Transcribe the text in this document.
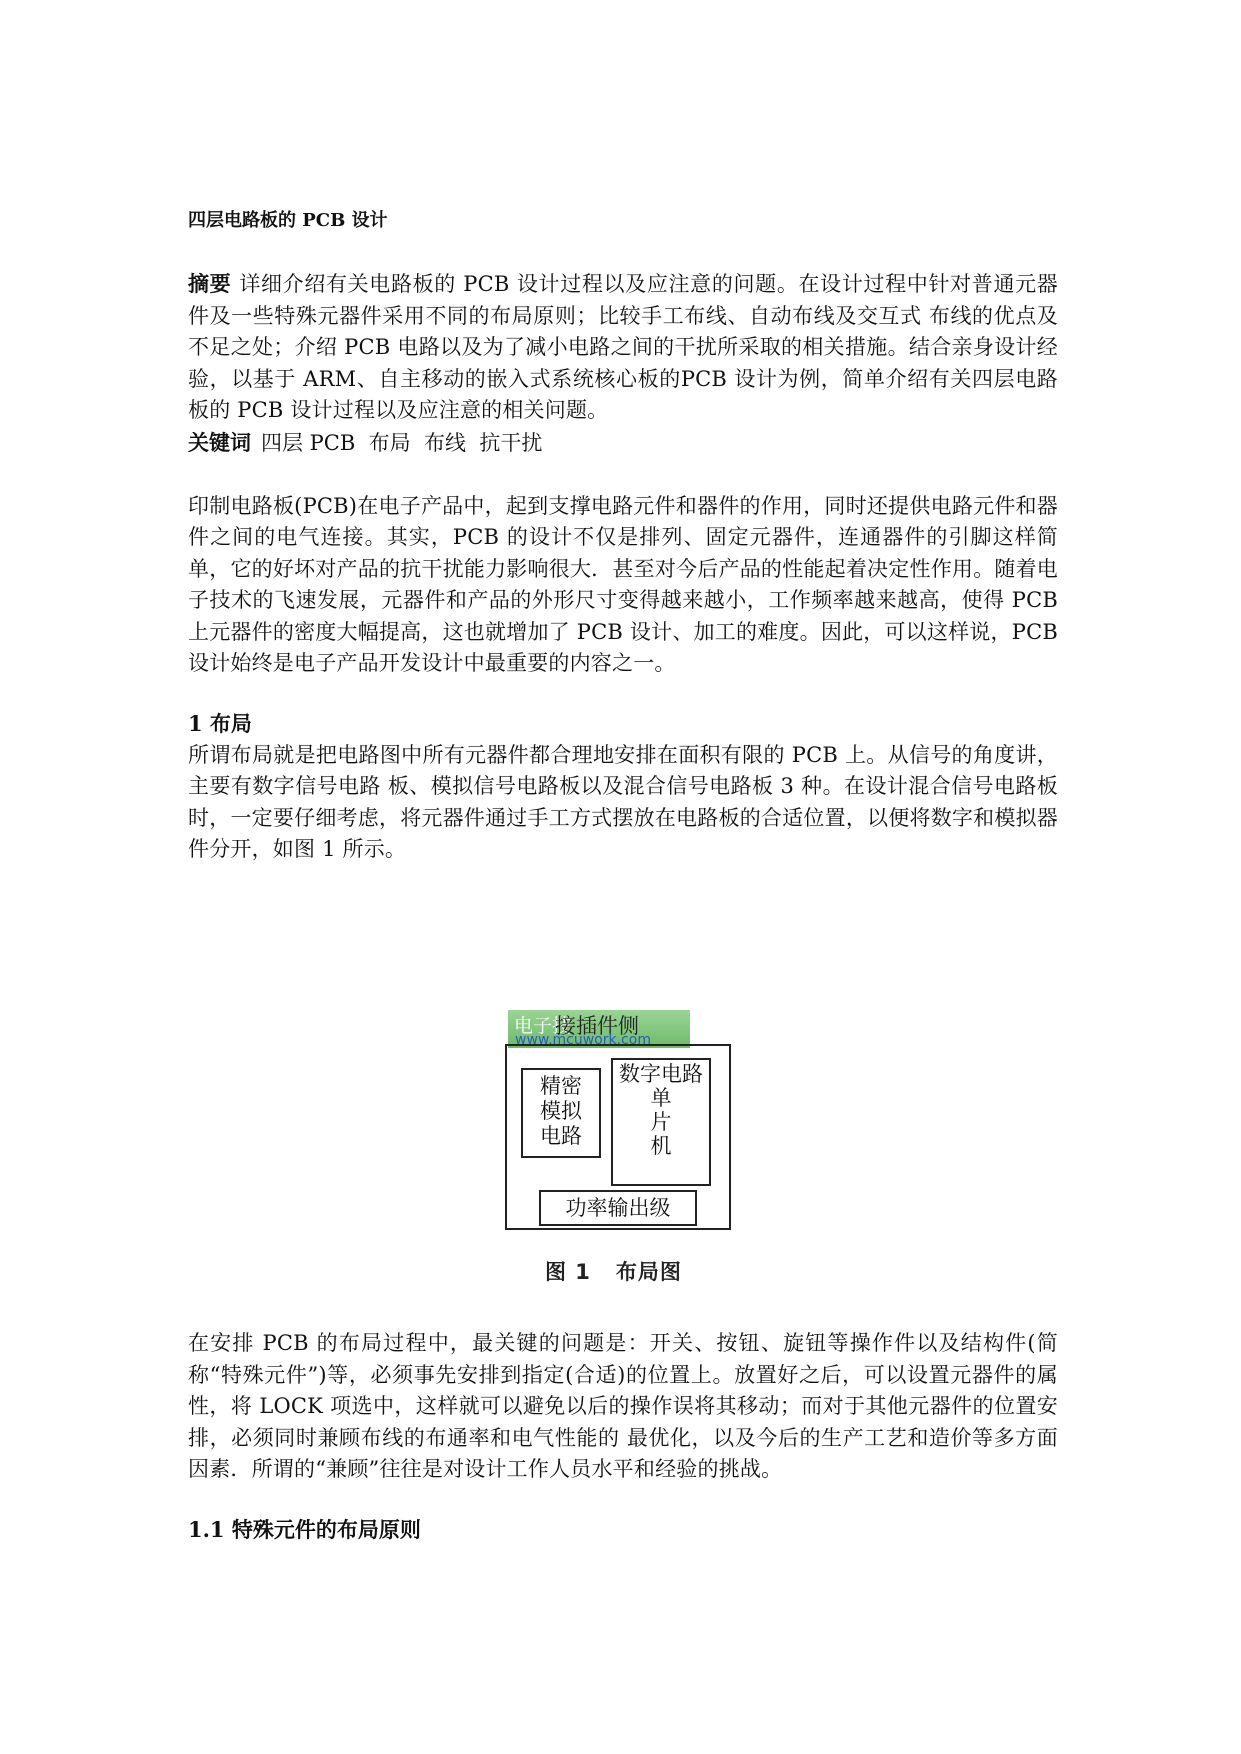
四层电路板的 PCB 设计

摘要 详细介绍有关电路板的 PCB 设计过程以及应注意的问题。在设计过程中针对普通元器件及一些特殊元器件采用不同的布局原则；比较手工布线、自动布线及交互式 布线的优点及不足之处；介绍 PCB 电路以及为了减小电路之间的干扰所采取的相关措施。结合亲身设计经验，以基于 ARM、自主移动的嵌入式系统核心板的PCB 设计为例，简单介绍有关四层电路板的 PCB 设计过程以及应注意的相关问题。

关键词 四层 PCB  布局  布线  抗干扰

印制电路板(PCB)在电子产品中，起到支撑电路元件和器件的作用，同时还提供电路元件和器件之间的电气连接。其实，PCB 的设计不仅是排列、固定元器件，连通器件的引脚这样简单，它的好坏对产品的抗干扰能力影响很大．甚至对今后产品的性能起着决定性作用。随着电子技术的飞速发展，元器件和产品的外形尺寸变得越来越小，工作频率越来越高，使得 PCB 上元器件的密度大幅提高，这也就增加了 PCB 设计、加工的难度。因此，可以这样说，PCB 设计始终是电子产品开发设计中最重要的内容之一。

1 布局

所谓布局就是把电路图中所有元器件都合理地安排在面积有限的 PCB 上。从信号的角度讲，主要有数字信号电路 板、模拟信号电路板以及混合信号电路板 3 种。在设计混合信号电路板时，一定要仔细考虑，将元器件通过手工方式摆放在电路板的合适位置，以便将数字和模拟器 件分开，如图 1 所示。

电子技
接插件侧
精密
模拟
电路
数字电路
单
片
机
功率输出级
www.mcuwork.com
图 1   布局图

在安排 PCB 的布局过程中，最关键的问题是：开关、按钮、旋钮等操作件以及结构件(简称“特殊元件”)等，必须事先安排到指定(合适)的位置上。放置好之后，可以设置元器件的属性，将 LOCK 项选中，这样就可以避免以后的操作误将其移动；而对于其他元器件的位置安排，必须同时兼顾布线的布通率和电气性能的 最优化，以及今后的生产工艺和造价等多方面因素．所谓的“兼顾”往往是对设计工作人员水平和经验的挑战。

1.1 特殊元件的布局原则
